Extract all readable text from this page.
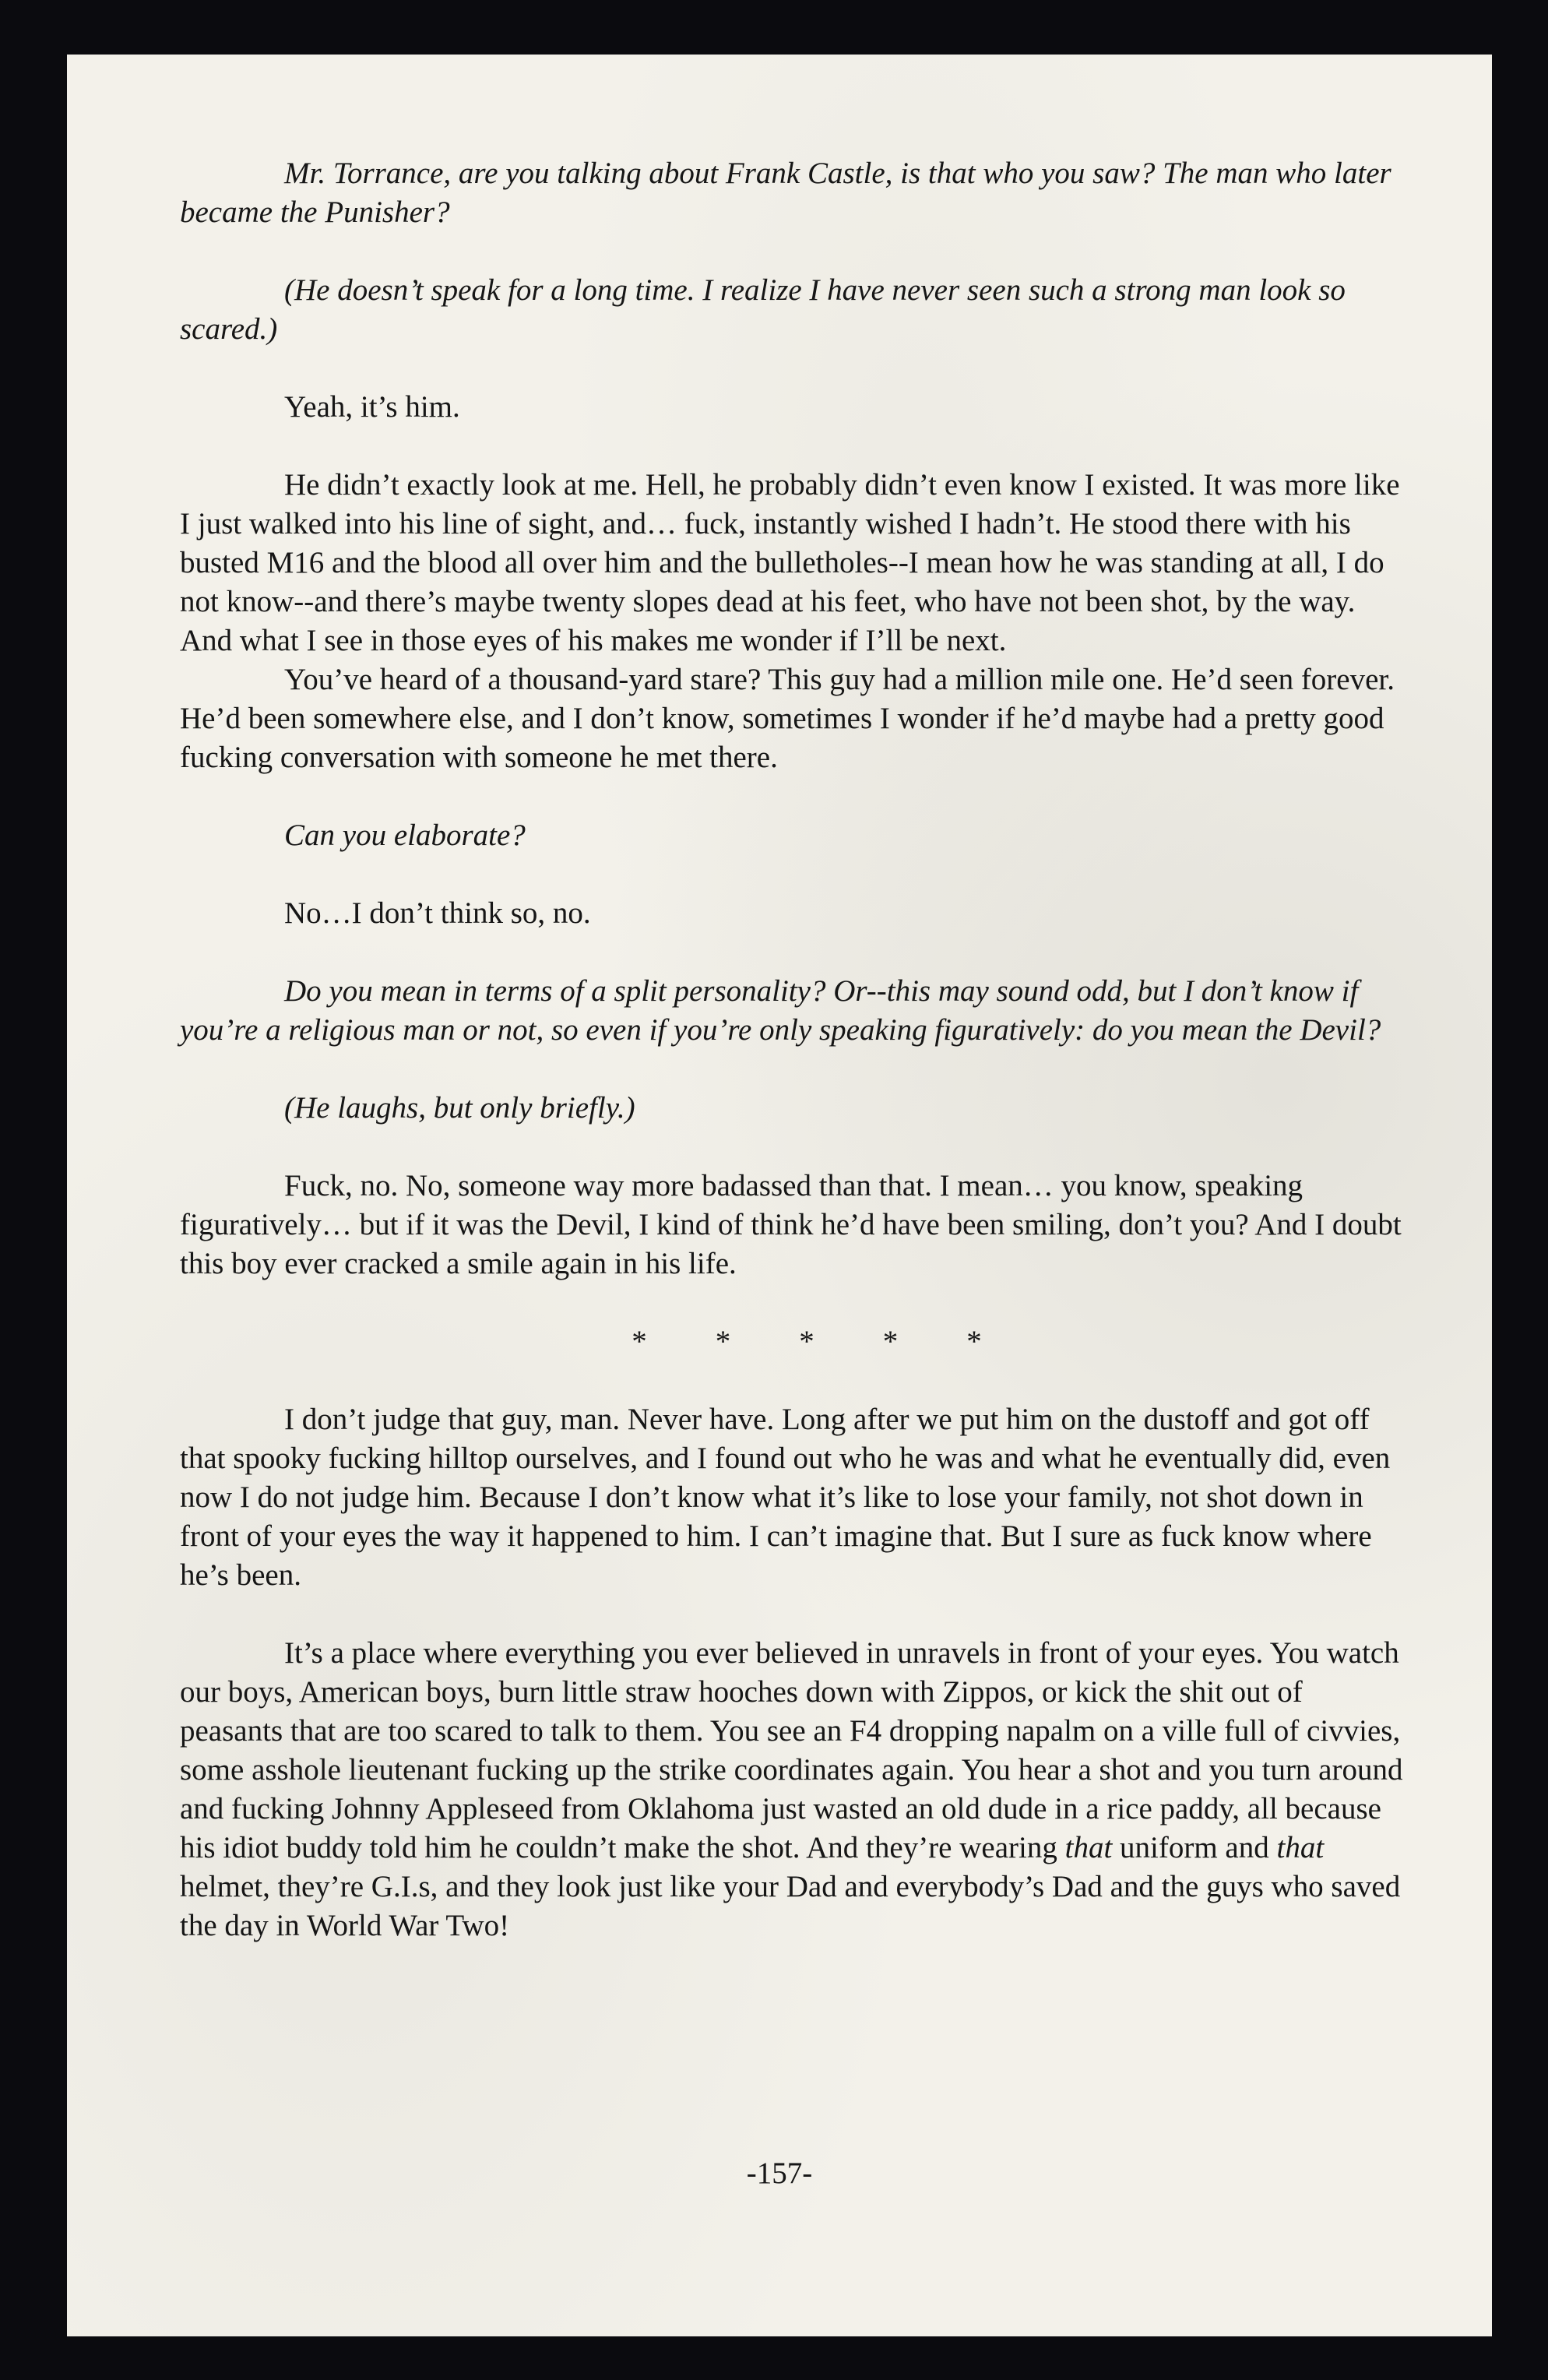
Mr. Torrance, are you talking about Frank Castle, is that who you saw? The man who later became the Punisher?

(He doesn’t speak for a long time. I realize I have never seen such a strong man look so scared.)

Yeah, it’s him.

He didn’t exactly look at me. Hell, he probably didn’t even know I existed. It was more like I just walked into his line of sight, and… fuck, instantly wished I hadn’t. He stood there with his busted M16 and the blood all over him and the bulletholes--I mean how he was standing at all, I do not know--and there’s maybe twenty slopes dead at his feet, who have not been shot, by the way. And what I see in those eyes of his makes me wonder if I’ll be next.

You’ve heard of a thousand-yard stare? This guy had a million mile one. He’d seen forever. He’d been somewhere else, and I don’t know, sometimes I wonder if he’d maybe had a pretty good fucking conversation with someone he met there.

Can you elaborate?

No…I don’t think so, no.

Do you mean in terms of a split personality? Or--this may sound odd, but I don’t know if you’re a religious man or not, so even if you’re only speaking figuratively: do you mean the Devil?

(He laughs, but only briefly.)

Fuck, no. No, someone way more badassed than that. I mean… you know, speaking figuratively… but if it was the Devil, I kind of think he’d have been smiling, don’t you? And I doubt this boy ever cracked a smile again in his life.

* * * * *

I don’t judge that guy, man. Never have. Long after we put him on the dustoff and got off that spooky fucking hilltop ourselves, and I found out who he was and what he eventually did, even now I do not judge him. Because I don’t know what it’s like to lose your family, not shot down in front of your eyes the way it happened to him. I can’t imagine that. But I sure as fuck know where he’s been.

It’s a place where everything you ever believed in unravels in front of your eyes. You watch our boys, American boys, burn little straw hooches down with Zippos, or kick the shit out of peasants that are too scared to talk to them. You see an F4 dropping napalm on a ville full of civvies, some asshole lieutenant fucking up the strike coordinates again. You hear a shot and you turn around and fucking Johnny Appleseed from Oklahoma just wasted an old dude in a rice paddy, all because his idiot buddy told him he couldn’t make the shot. And they’re wearing that uniform and that helmet, they’re G.I.s, and they look just like your Dad and everybody’s Dad and the guys who saved the day in World War Two!

-157-
